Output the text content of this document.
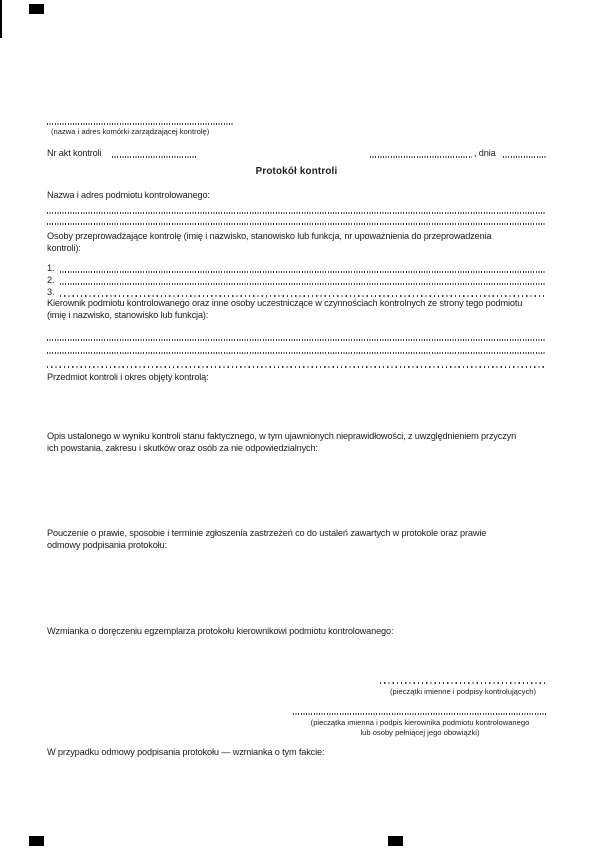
(nazwa i adres komórki zarządzającej kontrolę)
Nr akt kontroli	, dnia
Protokół kontroli
Nazwa i adres podmiotu kontrolowanego:
Osoby przeprowadzające kontrolę (imię i nazwisko, stanowisko lub funkcja, nr upoważnienia do przeprowadzenia
kontroli):
1.
2.
3.
Kierownik podmiotu kontrolowanego oraz inne osoby uczestniczące w czynnościach kontrolnych ze strony tego podmiotu
(imię i nazwisko, stanowisko lub funkcja):
Przedmiot kontroli i okres objęty kontrolą:
Opis ustalonego w wyniku kontroli stanu faktycznego, w tym ujawnionych nieprawidłowości, z uwzględnieniem przyczyn
ich powstania, zakresu i skutków oraz osób za nie odpowiedzialnych:
Pouczenie o prawie, sposobie i terminie zgłoszenia zastrzeżeń co do ustaleń zawartych w protokole oraz prawie
odmowy podpisania protokołu:
Wzmianka o doręczeniu egzemplarza protokołu kierownikowi podmiotu kontrolowanego:
(pieczątki imienne i podpisy kontrolujących)
(pieczątka imienna i podpis kierownika podmiotu kontrolowanego
lub osoby pełniącej jego obowiązki)
W przypadku odmowy podpisania protokołu — wzmianka o tym fakcie:
